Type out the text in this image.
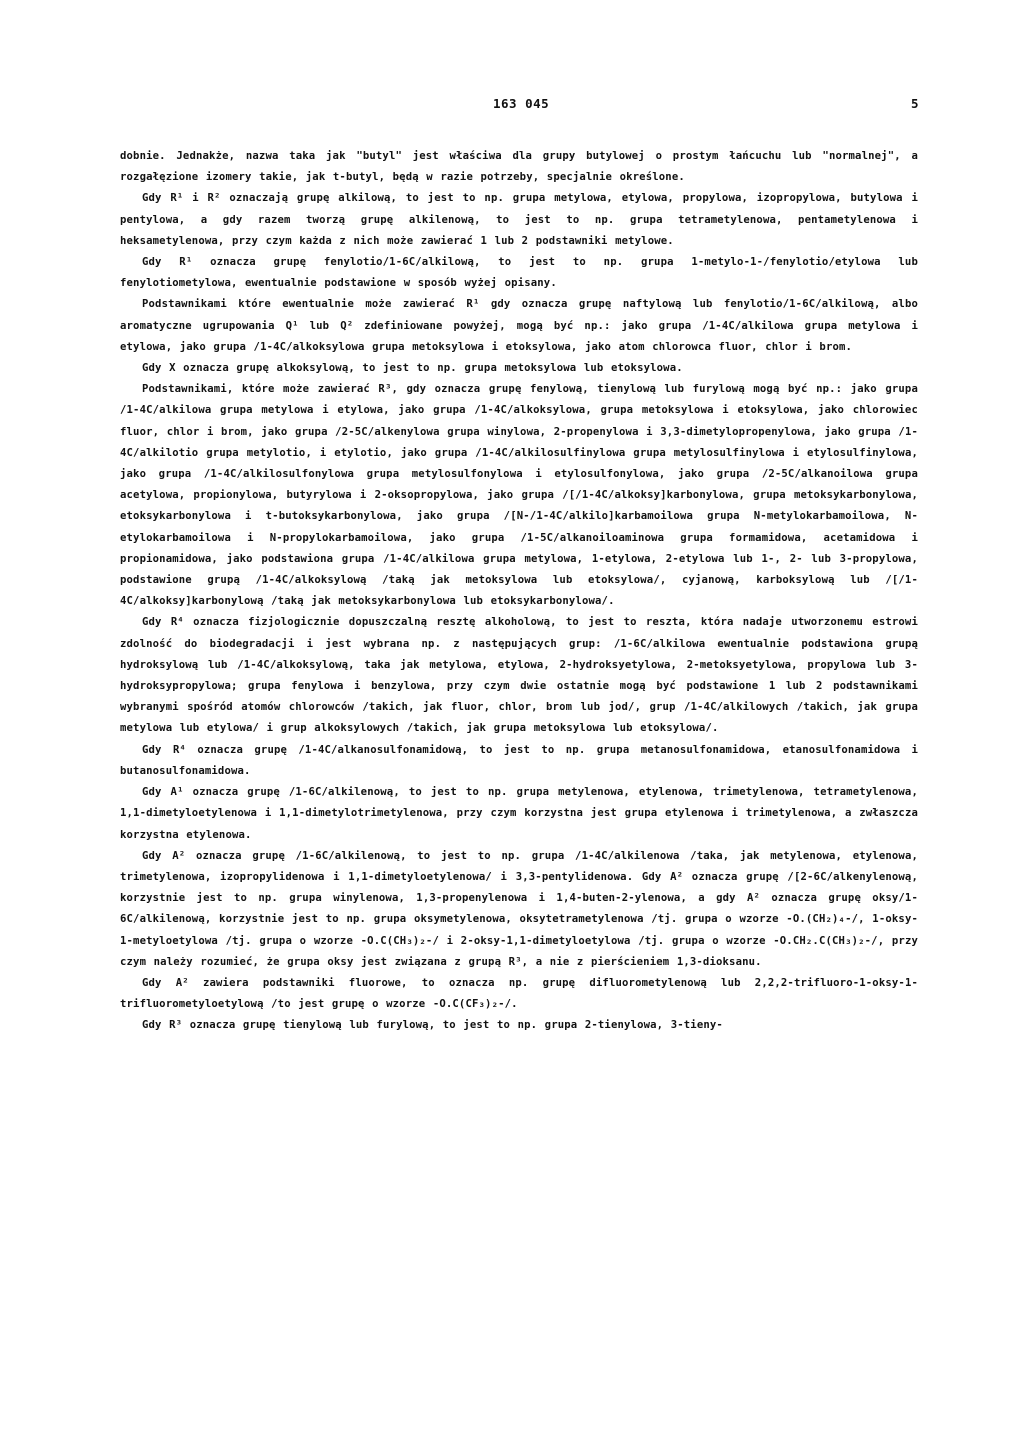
163 045	5

dobnie. Jednakże, nazwa taka jak "butyl" jest właściwa dla grupy butylowej o prostym łańcuchu lub "normalnej", a rozgałęzione izomery takie, jak t-butyl, będą w razie potrzeby, specjalnie określone.

Gdy R¹ i R² oznaczają grupę alkilową, to jest to np. grupa metylowa, etylowa, propylowa, izopropylowa, butylowa i pentylowa, a gdy razem tworzą grupę alkilenową, to jest to np. grupa tetrametylenowa, pentametylenowa i heksametylenowa, przy czym każda z nich może zawierać 1 lub 2 podstawniki metylowe.

Gdy R¹ oznacza grupę fenylotio/1-6C/alkilową, to jest to np. grupa 1-metylo-1-/fenylotio/etylowa lub fenylotiometylowa, ewentualnie podstawione w sposób wyżej opisany.

Podstawnikami które ewentualnie może zawierać R¹ gdy oznacza grupę naftylową lub fenylotio/1-6C/alkilową, albo aromatyczne ugrupowania Q¹ lub Q² zdefiniowane powyżej, mogą być np.: jako grupa /1-4C/alkilowa grupa metylowa i etylowa, jako grupa /1-4C/alkoksylowa grupa metoksylowa i etoksylowa, jako atom chlorowca fluor, chlor i brom.

Gdy X oznacza grupę alkoksylową, to jest to np. grupa metoksylowa lub etoksylowa.

Podstawnikami, które może zawierać R³, gdy oznacza grupę fenylową, tienylową lub furylową mogą być np.: jako grupa /1-4C/alkilowa grupa metylowa i etylowa, jako grupa /1-4C/alkoksylowa, grupa metoksylowa i etoksylowa, jako chlorowiec fluor, chlor i brom, jako grupa /2-5C/alkenylowa grupa winylowa, 2-propenylowa i 3,3-dimetylopropenylowa, jako grupa /1-4C/alkilotio grupa metylotio, i etylotio, jako grupa /1-4C/alkilosulfinylowa grupa metylosulfinylowa i etylosulfinylowa, jako grupa /1-4C/alkilosulfonylowa grupa metylosulfonylowa i etylosulfonylowa, jako grupa /2-5C/alkanoilowa grupa acetylowa, propionylowa, butyrylowa i 2-oksopropylowa, jako grupa /[/1-4C/alkoksy]karbonylowa, grupa metoksykarbonylowa, etoksykarbonylowa i t-butoksykarbonylowa, jako grupa /[N-/1-4C/alkilo]karbamoilowa grupa N-metylokarbamoilowa, N-etylokarbamoilowa i N-propylokarbamoilowa, jako grupa /1-5C/alkanoiloaminowa grupa formamidowa, acetamidowa i propionamidowa, jako podstawiona grupa /1-4C/alkilowa grupa metylowa, 1-etylowa, 2-etylowa lub 1-, 2- lub 3-propylowa, podstawione grupą /1-4C/alkoksylową /taką jak metoksylowa lub etoksylowa/, cyjanową, karboksylową lub /[/1-4C/alkoksy]karbonylową /taką jak metoksykarbonylowa lub etoksykarbonylowa/.

Gdy R⁴ oznacza fizjologicznie dopuszczalną resztę alkoholową, to jest to reszta, która nadaje utworzonemu estrowi zdolność do biodegradacji i jest wybrana np. z następujących grup: /1-6C/alkilowa ewentualnie podstawiona grupą hydroksylową lub /1-4C/alkoksylową, taka jak metylowa, etylowa, 2-hydroksyetylowa, 2-metoksyetylowa, propylowa lub 3-hydroksypropylowa; grupa fenylowa i benzylowa, przy czym dwie ostatnie mogą być podstawione 1 lub 2 podstawnikami wybranymi spośród atomów chlorowców /takich, jak fluor, chlor, brom lub jod/, grup /1-4C/alkilowych /takich, jak grupa metylowa lub etylowa/ i grup alkoksylowych /takich, jak grupa metoksylowa lub etoksylowa/.

Gdy R⁴ oznacza grupę /1-4C/alkanosulfonamidową, to jest to np. grupa metanosulfonamidowa, etanosulfonamidowa i butanosulfonamidowa.

Gdy A¹ oznacza grupę /1-6C/alkilenową, to jest to np. grupa metylenowa, etylenowa, trimetylenowa, tetrametylenowa, 1,1-dimetyloetylenowa i 1,1-dimetylotrimetylenowa, przy czym korzystna jest grupa etylenowa i trimetylenowa, a zwłaszcza korzystna etylenowa.

Gdy A² oznacza grupę /1-6C/alkilenową, to jest to np. grupa /1-4C/alkilenowa /taka, jak metylenowa, etylenowa, trimetylenowa, izopropylidenowa i 1,1-dimetyloetylenowa/ i 3,3-pentylidenowa. Gdy A² oznacza grupę /[2-6C/alkenylenową, korzystnie jest to np. grupa winylenowa, 1,3-propenylenowa i 1,4-buten-2-ylenowa, a gdy A² oznacza grupę oksy/1-6C/alkilenową, korzystnie jest to np. grupa oksymetylenowa, oksytetrametylenowa /tj. grupa o wzorze -O.(CH₂)₄-/, 1-oksy-1-metyloetylowa /tj. grupa o wzorze -O.C(CH₃)₂-/ i 2-oksy-1,1-dimetyloetylowa /tj. grupa o wzorze -O.CH₂.C(CH₃)₂-/, przy czym należy rozumieć, że grupa oksy jest związana z grupą R³, a nie z pierścieniem 1,3-dioksanu.

Gdy A² zawiera podstawniki fluorowe, to oznacza np. grupę difluorometylenową lub 2,2,2-trifluoro-1-oksy-1-trifluorometyloetylową /to jest grupę o wzorze -O.C(CF₃)₂-/.

Gdy R³ oznacza grupę tienylową lub furylową, to jest to np. grupa 2-tienylowa, 3-tieny-
